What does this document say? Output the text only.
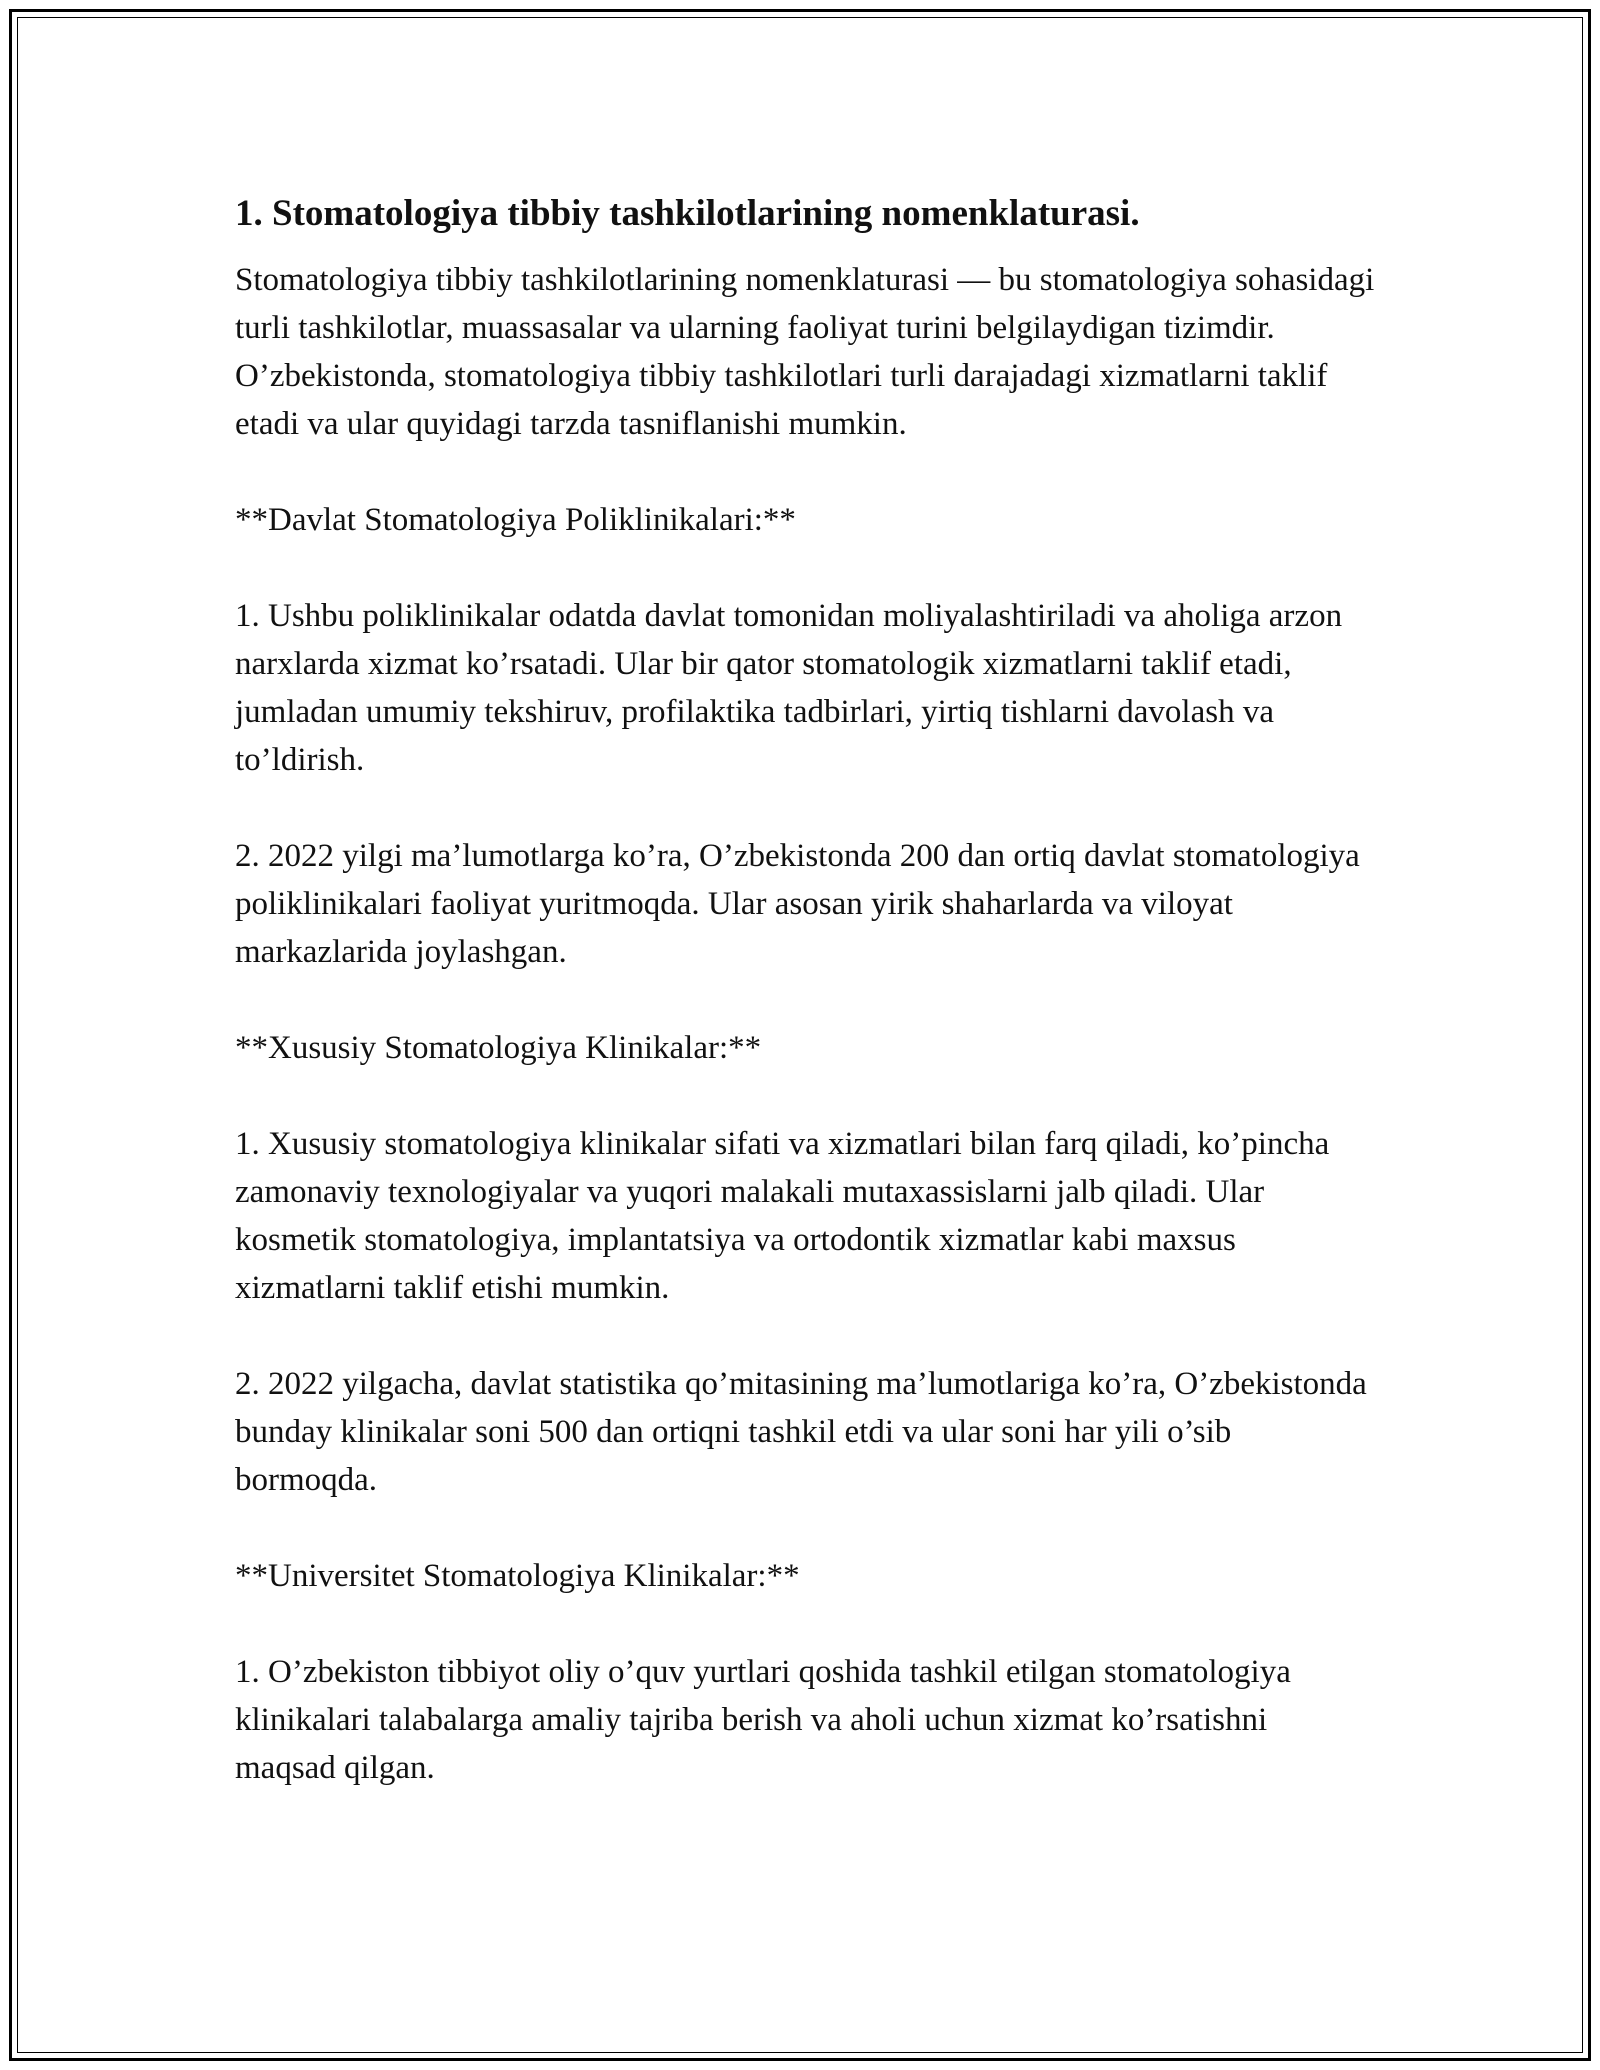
1. Stomatologiya tibbiy tashkilotlarining nomenklaturasi.

Stomatologiya tibbiy tashkilotlarining nomenklaturasi — bu stomatologiya sohasidagi turli tashkilotlar, muassasalar va ularning faoliyat turini belgilaydigan tizimdir. O’zbekistonda, stomatologiya tibbiy tashkilotlari turli darajadagi xizmatlarni taklif etadi va ular quyidagi tarzda tasniflanishi mumkin.

**Davlat Stomatologiya Poliklinikalari:**

1. Ushbu poliklinikalar odatda davlat tomonidan moliyalashtiriladi va aholiga arzon narxlarda xizmat ko’rsatadi. Ular bir qator stomatologik xizmatlarni taklif etadi, jumladan umumiy tekshiruv, profilaktika tadbirlari, yirtiq tishlarni davolash va to’ldirish.

2. 2022 yilgi ma’lumotlarga ko’ra, O’zbekistonda 200 dan ortiq davlat stomatologiya poliklinikalari faoliyat yuritmoqda. Ular asosan yirik shaharlarda va viloyat markazlarida joylashgan.

**Xususiy Stomatologiya Klinikalar:**

1. Xususiy stomatologiya klinikalar sifati va xizmatlari bilan farq qiladi, ko’pincha zamonaviy texnologiyalar va yuqori malakali mutaxassislarni jalb qiladi. Ular kosmetik stomatologiya, implantatsiya va ortodontik xizmatlar kabi maxsus xizmatlarni taklif etishi mumkin.

2. 2022 yilgacha, davlat statistika qo’mitasining ma’lumotlariga ko’ra, O’zbekistonda bunday klinikalar soni 500 dan ortiqni tashkil etdi va ular soni har yili o’sib bormoqda.

**Universitet Stomatologiya Klinikalar:**

1. O’zbekiston tibbiyot oliy o’quv yurtlari qoshida tashkil etilgan stomatologiya klinikalari talabalarga amaliy tajriba berish va aholi uchun xizmat ko’rsatishni maqsad qilgan.
